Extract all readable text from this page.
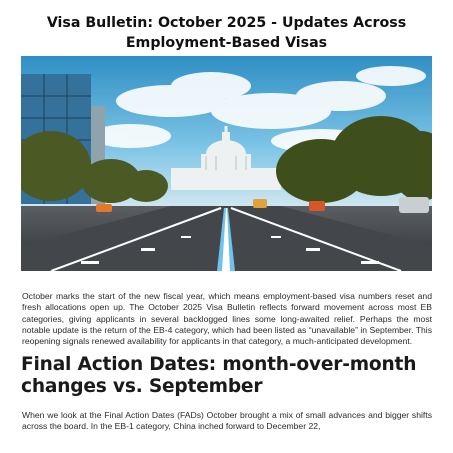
Visa Bulletin: October 2025 - Updates Across Employment-Based Visas
October marks the start of the new fiscal year, which means employment-based visa numbers reset and fresh allocations open up. The October 2025 Visa Bulletin reflects forward movement across most EB categories, giving applicants in several backlogged lines some long-awaited relief. Perhaps the most notable update is the return of the EB-4 category, which had been listed as “unavailable” in September. This reopening signals renewed availability for applicants in that category, a much-anticipated development.
Final Action Dates: month-over-month changes vs. September
When we look at the Final Action Dates (FADs) October brought a mix of small advances and bigger shifts across the board. In the EB-1 category, China inched forward to December 22,
